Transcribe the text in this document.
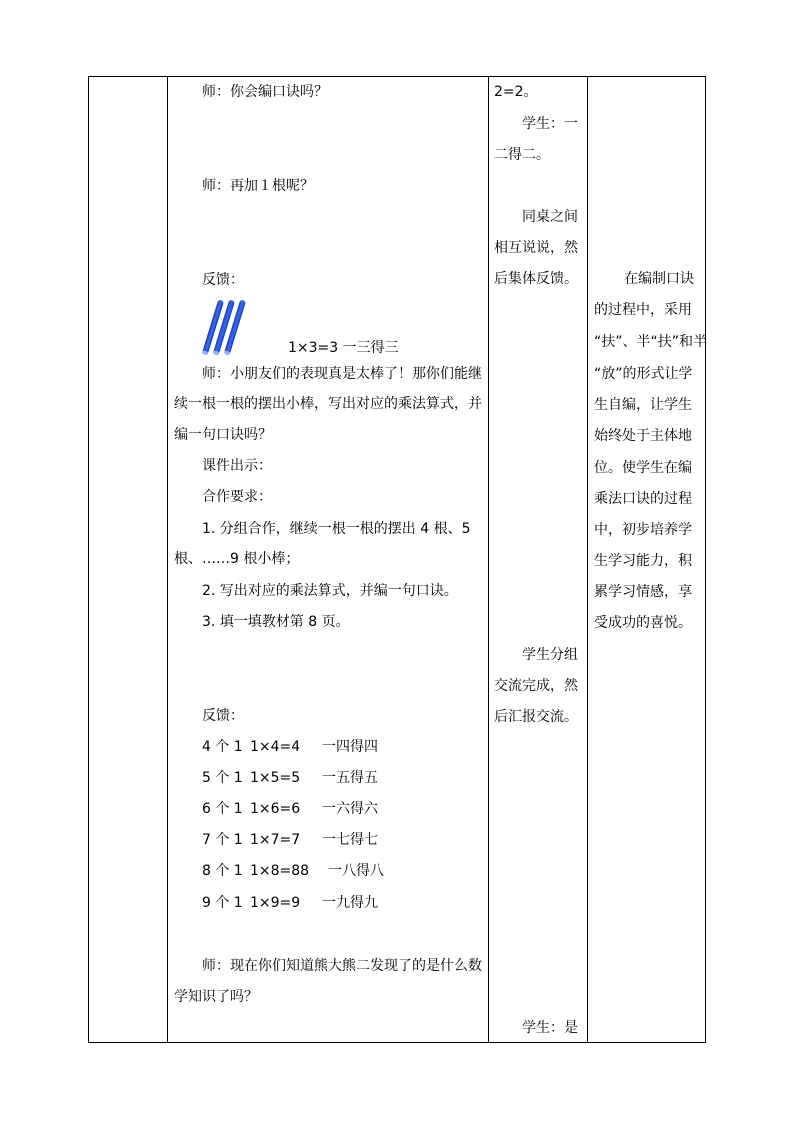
师：你会编口诀吗？
师：再加１根呢？
反馈：
1×3=3 一三得三
师：小朋友们的表现真是太棒了！那你们能继
续一根一根的摆出小棒，写出对应的乘法算式，并
编一句口诀吗？
课件出示：
合作要求：
1. 分组合作，继续一根一根的摆出 4 根、5
根、……9 根小棒；
2. 写出对应的乘法算式，并编一句口诀。
3. 填一填教材第 8 页。
反馈：
4 个 1 1×4=4 一四得四
5 个 1 1×5=5 一五得五
6 个 1 1×6=6 一六得六
7 个 1 1×7=7 一七得七
8 个 1 1×8=88 一八得八
9 个 1 1×9=9 一九得九
师：现在你们知道熊大熊二发现了的是什么数
学知识了吗？
2=2。
学生：一
二得二。
同桌之间
相互说说，然
后集体反馈。
学生分组
交流完成，然
后汇报交流。
学生：是
在编制口诀
的过程中，采用
“扶”、半“扶”和半
“放”的形式让学
生自编，让学生
始终处于主体地
位。使学生在编
乘法口诀的过程
中，初步培养学
生学习能力，积
累学习情感，享
受成功的喜悦。
